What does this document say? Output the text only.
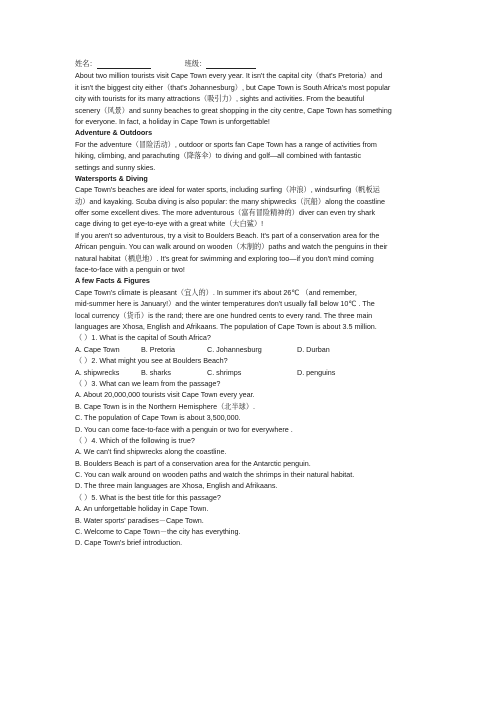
姓名：	班级：
About two million tourists visit Cape Town every year. It isn't the capital city（that's Pretoria）and
it isn't the biggest city either（that's Johannesburg）, but Cape Town is South Africa's most popular
city with tourists for its many attractions（吸引力）, sights and activities. From the beautiful
scenery（风景）and sunny beaches to great shopping in the city centre, Cape Town has something
for everyone. In fact, a holiday in Cape Town is unforgettable!
Adventure & Outdoors
For the adventure（冒险活动）, outdoor or sports fan Cape Town has a range of activities from
hiking, climbing, and parachuting（降落伞）to diving and golf—all combined with fantastic
settings and sunny skies.
Watersports & Diving
Cape Town's beaches are ideal for water sports, including surfing（冲浪）, windsurfing（帆板运
动）and kayaking. Scuba diving is also popular: the many shipwrecks（沉船）along the coastline
offer some excellent dives. The more adventurous（富有冒险精神的）diver can even try shark
cage diving to get eye-to-eye with a great white（大白鲨）!
If you aren't so adventurous, try a visit to Boulders Beach. It's part of a conservation area for the
African penguin. You can walk around on wooden（木制的）paths and watch the penguins in their
natural habitat（栖息地）. It's great for swimming and exploring too—if you don't mind coming
face-to-face with a penguin or two!
A few Facts & Figures
Cape Town's climate is pleasant（宜人的）. In summer it's about 26℃ （and remember,
mid-summer here is January!）and the winter temperatures don't usually fall below 10℃ . The
local currency（货币）is the rand; there are one hundred cents to every rand. The three main
languages are Xhosa, English and Afrikaans. The population of Cape Town is about 3.5 million.
（ ）1. What is the capital of South Africa?
A. Cape Town	B. Pretoria	C. Johannesburg	D. Durban
（ ）2. What might you see at Boulders Beach?
A. shipwrecks	B. sharks	C. shrimps	D. penguins
（ ）3. What can we learn from the passage?
A. About 20,000,000 tourists visit Cape Town every year.
B. Cape Town is in the Northern Hemisphere（北半球）.
C. The population of Cape Town is about 3,500,000.
D. You can come face-to-face with a penguin or two for everywhere .
（ ）4. Which of the following is true?
A. We can't find shipwrecks along the coastline.
B. Boulders Beach is part of a conservation area for the Antarctic penguin.
C. You can walk around on wooden paths and watch the shrimps in their natural habitat.
D. The three main languages are Xhosa, English and Afrikaans.
（ ）5. What is the best title for this passage?
A. An unforgettable holiday in Cape Town.
B. Water sports' paradises－Cape Town.
C. Welcome to Cape Town－the city has everything.
D. Cape Town's brief introduction.
